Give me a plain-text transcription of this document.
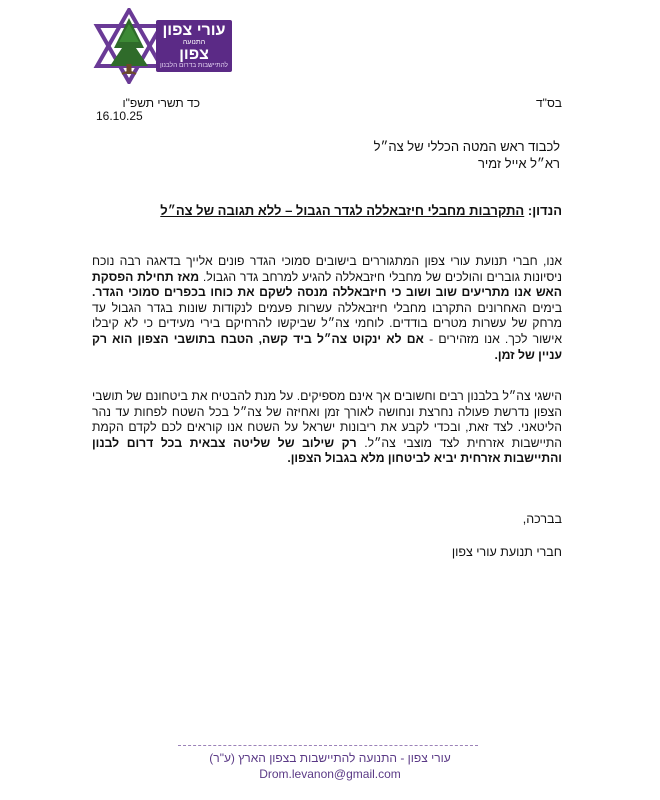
עורי צפון
התנועה
צפון
להתיישבות בדרום הלבנון
כד תשרי תשפ"ו
16.10.25
בס"ד
לכבוד ראש המטה הכללי של צה״ל
רא״ל אייל זמיר
הנדון: התקרבות מחבלי חיזבאללה לגדר הגבול – ללא תגובה של צה״ל
אנו, חברי תנועת עורי צפון המתגוררים בישובים סמוכי הגדר פונים אלייך בדאגה רבה נוכח ניסיונות גוברים והולכים של מחבלי חיזבאללה להגיע למרחב גדר הגבול. מאז תחילת הפסקת האש אנו מתריעים שוב ושוב כי חיזבאללה מנסה לשקם את כוחו בכפרים סמוכי הגדר. בימים האחרונים התקרבו מחבלי חיזבאללה עשרות פעמים לנקודות שונות בגדר הגבול עד מרחק של עשרות מטרים בודדים. לוחמי צה״ל שביקשו להרחיקם בירי מעידים כי לא קיבלו אישור לכך. אנו מזהירים - אם לא ינקוט צה״ל ביד קשה, הטבח בתושבי הצפון הוא רק עניין של זמן.
הישגי צה״ל בלבנון רבים וחשובים אך אינם מספיקים. על מנת להבטיח את ביטחונם של תושבי הצפון נדרשת פעולה נחרצת ונחושה לאורך זמן ואחיזה של צה״ל בכל השטח לפחות עד נהר הליטאני. לצד זאת, ובכדי לקבע את ריבונות ישראל על השטח אנו קוראים לכם לקדם הקמת התיישבות אזרחית לצד מוצבי צה״ל. רק שילוב של שליטה צבאית בכל דרום לבנון והתיישבות אזרחית יביא לביטחון מלא בגבול הצפון.
בברכה,
חברי תנועת עורי צפון
עורי צפון - התנועה להתיישבות בצפון הארץ (ע"ר)
Drom.levanon@gmail.com
